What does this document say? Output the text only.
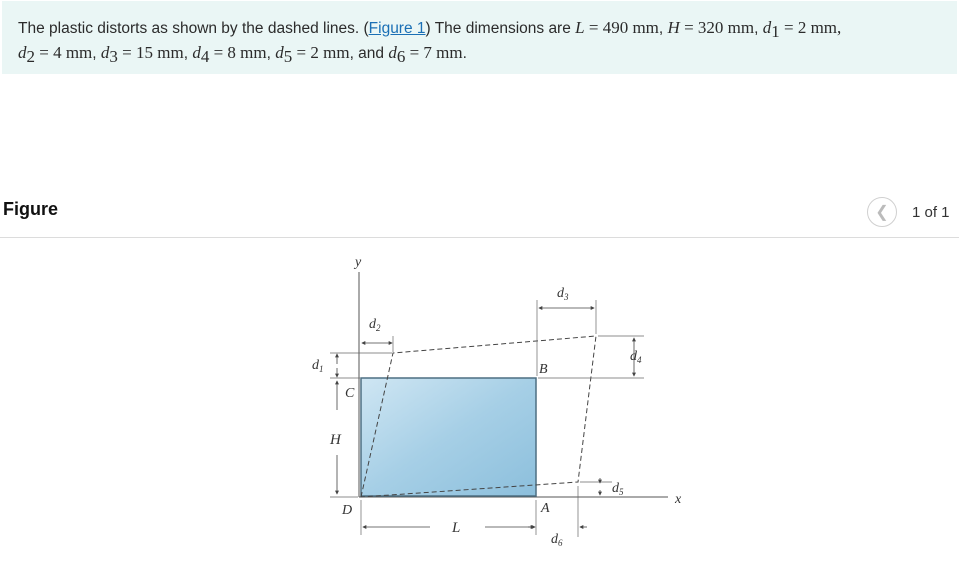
The plastic distorts as shown by the dashed lines. (Figure 1) The dimensions are L = 490 mm, H = 320 mm, $d_1 = 2$ mm,
$d_2 = 4$ mm, $d_3 = 15$ mm, $d_4 = 8$ mm, $d_5 = 2$ mm, and $d_6 = 7$ mm.
Figure	❮ 1 of 1
y
x
B
C
D	A
H
L
$d_1$
$d_2$
$d_3$
$d_4$
$d_5$
$d_6$
